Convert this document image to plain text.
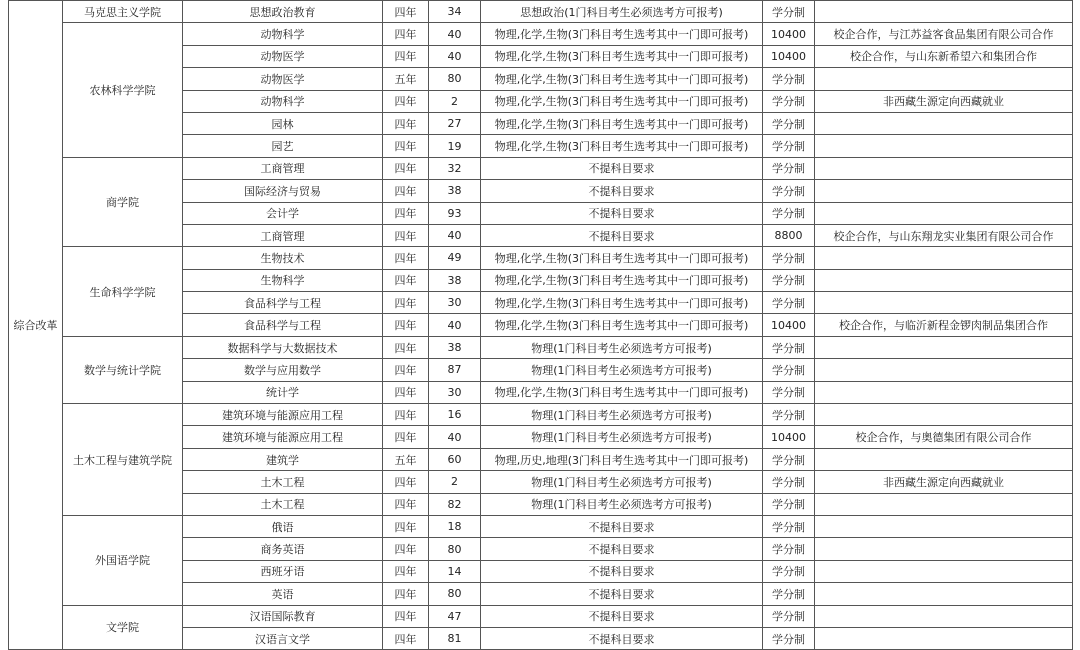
综合改革	马克思主义学院	思想政治教育	四年	34	思想政治(1门科目考生必须选考方可报考)	学分制	
	农林科学学院	动物科学	四年	40	物理,化学,生物(3门科目考生选考其中一门即可报考)	10400	校企合作，与江苏益客食品集团有限公司合作
		动物医学	四年	40	物理,化学,生物(3门科目考生选考其中一门即可报考)	10400	校企合作，与山东新希望六和集团合作
		动物医学	五年	80	物理,化学,生物(3门科目考生选考其中一门即可报考)	学分制	
		动物科学	四年	2	物理,化学,生物(3门科目考生选考其中一门即可报考)	学分制	非西藏生源定向西藏就业
		园林	四年	27	物理,化学,生物(3门科目考生选考其中一门即可报考)	学分制	
		园艺	四年	19	物理,化学,生物(3门科目考生选考其中一门即可报考)	学分制	
	商学院	工商管理	四年	32	不提科目要求	学分制	
		国际经济与贸易	四年	38	不提科目要求	学分制	
		会计学	四年	93	不提科目要求	学分制	
		工商管理	四年	40	不提科目要求	8800	校企合作，与山东翔龙实业集团有限公司合作
	生命科学学院	生物技术	四年	49	物理,化学,生物(3门科目考生选考其中一门即可报考)	学分制	
		生物科学	四年	38	物理,化学,生物(3门科目考生选考其中一门即可报考)	学分制	
		食品科学与工程	四年	30	物理,化学,生物(3门科目考生选考其中一门即可报考)	学分制	
		食品科学与工程	四年	40	物理,化学,生物(3门科目考生选考其中一门即可报考)	10400	校企合作，与临沂新程金锣肉制品集团合作
	数学与统计学院	数据科学与大数据技术	四年	38	物理(1门科目考生必须选考方可报考)	学分制	
		数学与应用数学	四年	87	物理(1门科目考生必须选考方可报考)	学分制	
		统计学	四年	30	物理,化学,生物(3门科目考生选考其中一门即可报考)	学分制	
	土木工程与建筑学院	建筑环境与能源应用工程	四年	16	物理(1门科目考生必须选考方可报考)	学分制	
		建筑环境与能源应用工程	四年	40	物理(1门科目考生必须选考方可报考)	10400	校企合作，与奥德集团有限公司合作
		建筑学	五年	60	物理,历史,地理(3门科目考生选考其中一门即可报考)	学分制	
		土木工程	四年	2	物理(1门科目考生必须选考方可报考)	学分制	非西藏生源定向西藏就业
		土木工程	四年	82	物理(1门科目考生必须选考方可报考)	学分制	
	外国语学院	俄语	四年	18	不提科目要求	学分制	
		商务英语	四年	80	不提科目要求	学分制	
		西班牙语	四年	14	不提科目要求	学分制	
		英语	四年	80	不提科目要求	学分制	
	文学院	汉语国际教育	四年	47	不提科目要求	学分制	
		汉语言文学	四年	81	不提科目要求	学分制	
